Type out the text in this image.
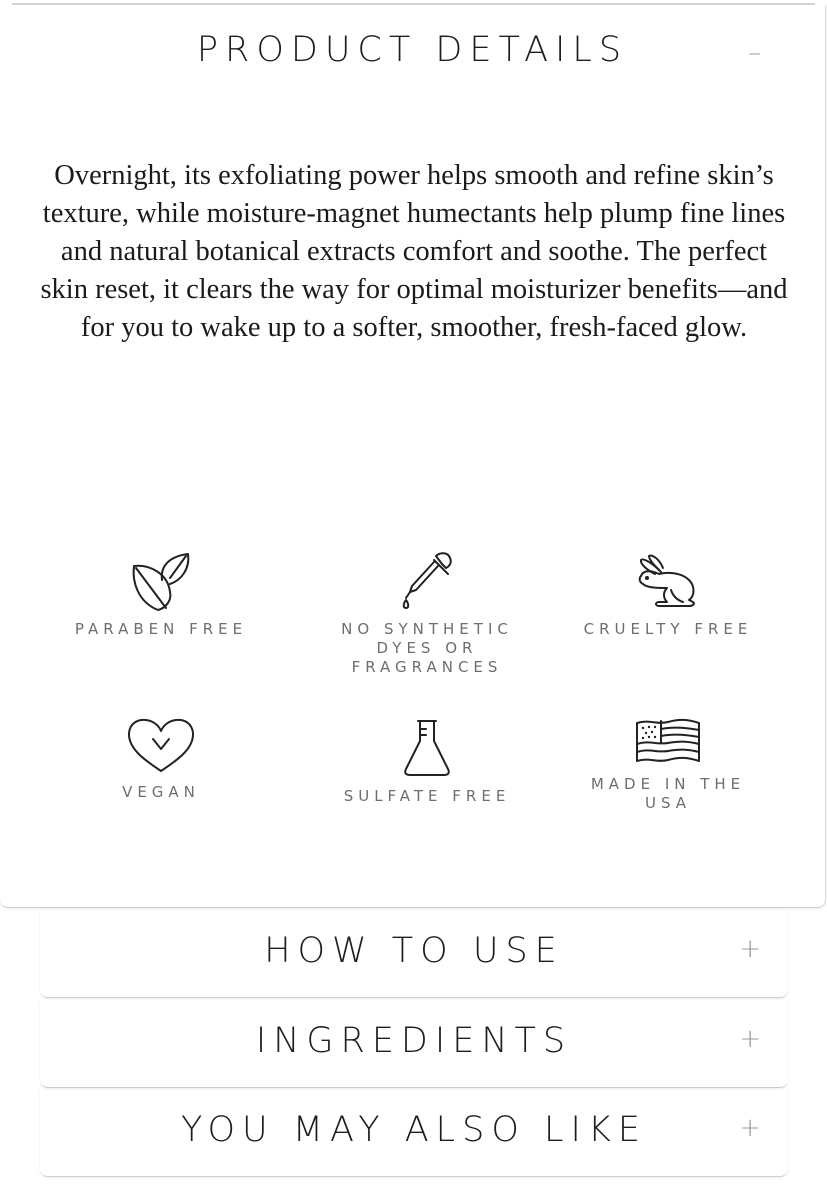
PRODUCT DETAILS	–

Overnight, its exfoliating power helps smooth and refine skin’s texture, while moisture-magnet humectants help plump fine lines and natural botanical extracts comfort and soothe. The perfect skin reset, it clears the way for optimal moisturizer benefits—and for you to wake up to a softer, smoother, fresh-faced glow.

PARABEN FREE	NO SYNTHETIC DYES OR FRAGRANCES
CRUELTY FREE
VEGAN	SULFATE FREE
MADE IN THE USA
HOW TO USE	+
INGREDIENTS	+
YOU MAY ALSO LIKE	+
